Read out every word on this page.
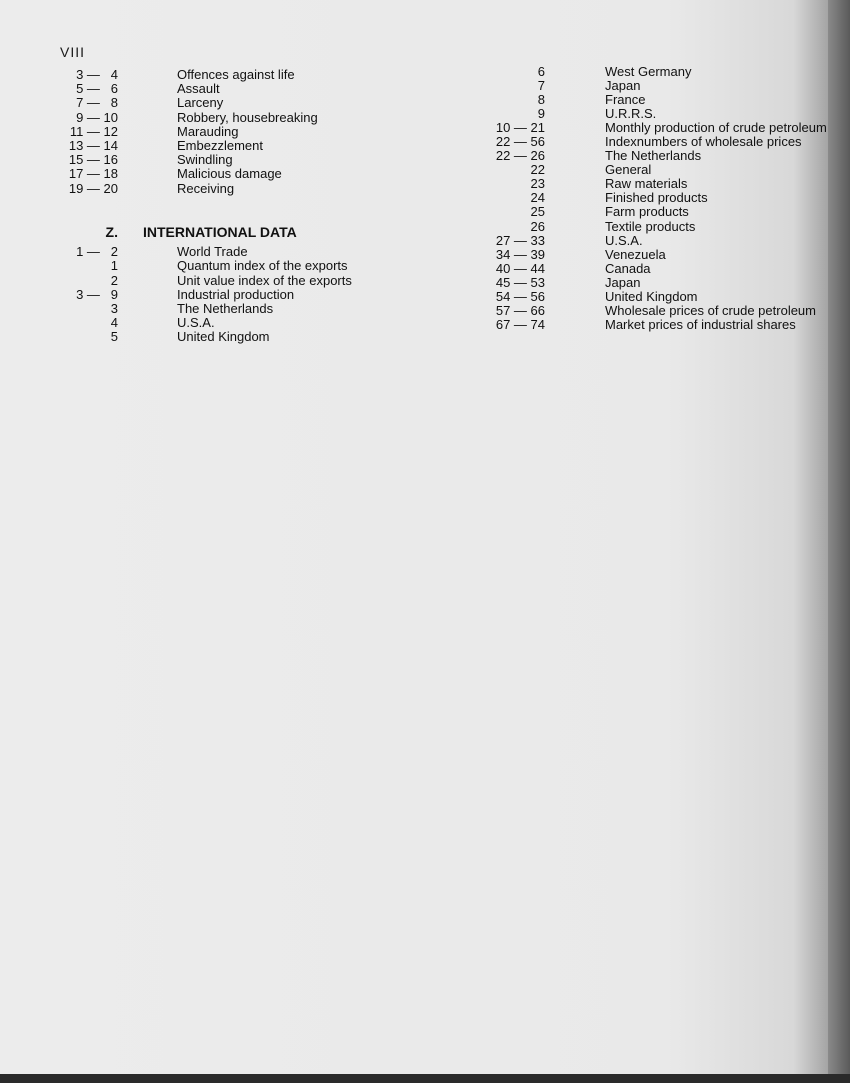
VIII
3 —   4	Offences against life
5 —   6	Assault
7 —   8	Larceny
9 — 10	Robbery, housebreaking
11 — 12	Marauding
13 — 14	Embezzlement
15 — 16	Swindling
17 — 18	Malicious damage
19 — 20	Receiving
Z. INTERNATIONAL DATA
1 —   2	World Trade
1	Quantum index of the exports
2	Unit value index of the exports
3 —   9	Industrial production
3	The Netherlands
4	U.S.A.
5	United Kingdom
6	West Germany
7	Japan
8	France
9	U.R.R.S.
10 — 21	Monthly production of crude petroleum
22 — 56	Indexnumbers of wholesale prices
22 — 26	The Netherlands
22	General
23	Raw materials
24	Finished products
25	Farm products
26	Textile products
27 — 33	U.S.A.
34 — 39	Venezuela
40 — 44	Canada
45 — 53	Japan
54 — 56	United Kingdom
57 — 66	Wholesale prices of crude petroleum
67 — 74	Market prices of industrial shares
